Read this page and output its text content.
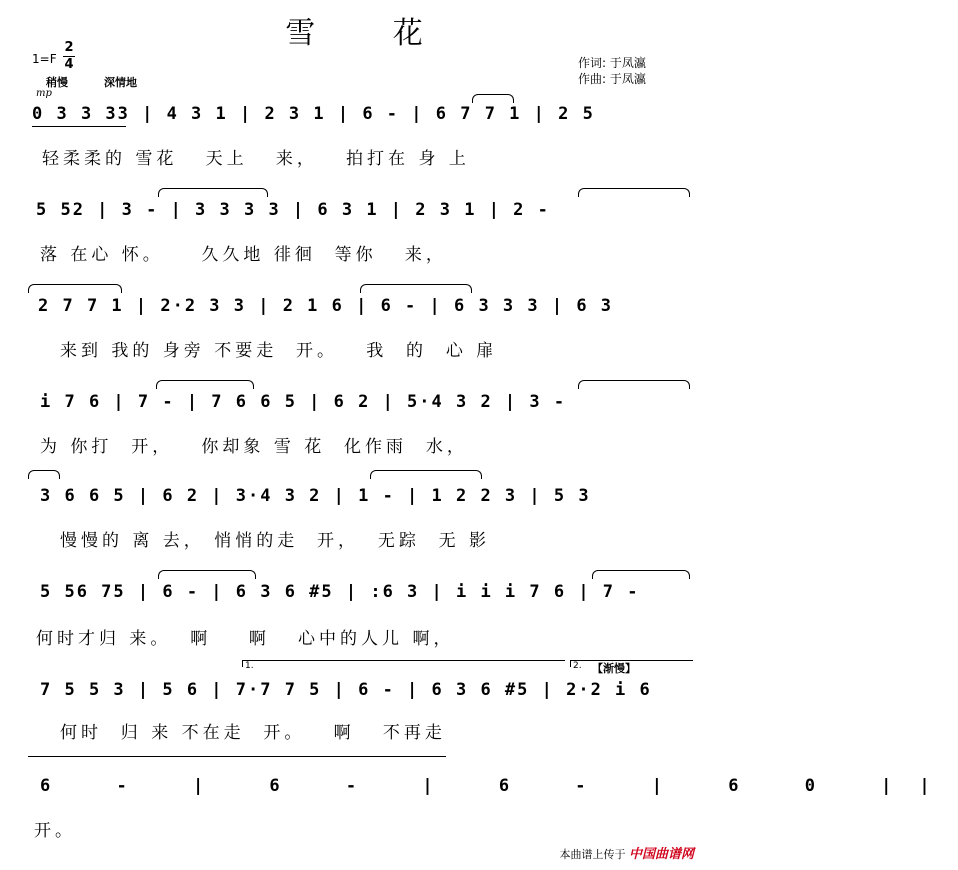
雪 花
1=F
2
4
稍慢	深情地
mp
作词: 于凤瀛
作曲: 于凤瀛
0 3 3 33 | 4 3 1 | 2 3 1 | 6 - | 6 7 7 1 | 2 5
轻柔柔的 雪花   天上   来，   拍打在 身 上
5 52 | 3 - | 3 3 3 3 | 6 3 1 | 2 3 1 | 2 -
落 在心 怀。    久久地 徘徊  等你   来，
2 7 7 1 | 2·2 3 3 | 2 1 6 | 6 - | 6 3 3 3 | 6 3
来到 我的 身旁 不要走  开。   我  的  心 扉
i 7 6 | 7 - | 7 6 6 5 | 6 2 | 5·4 3 2 | 3 -
为 你打  开，   你却象 雪 花  化作雨  水，
3 6 6 5 | 6 2 | 3·4 3 2 | 1 - | 1 2 2 3 | 5 3
慢慢的 离 去， 悄悄的走  开，  无踪  无 影
5 56 75 | 6 - | 6 3 6 #5 | :6 3 | i i i 7 6 | 7 -
何时才归 来。  啊    啊   心中的人儿 啊，
1.	2. 【渐慢】
7 5 5 3 | 5 6 | 7·7 7 5 | 6 - | 6 3 6 #5 | 2·2 i 6
何时  归 来 不在走  开。   啊   不再走
6 - | 6 - | 6 - | 6 0 ||
开。
本曲谱上传于 中国曲谱网
